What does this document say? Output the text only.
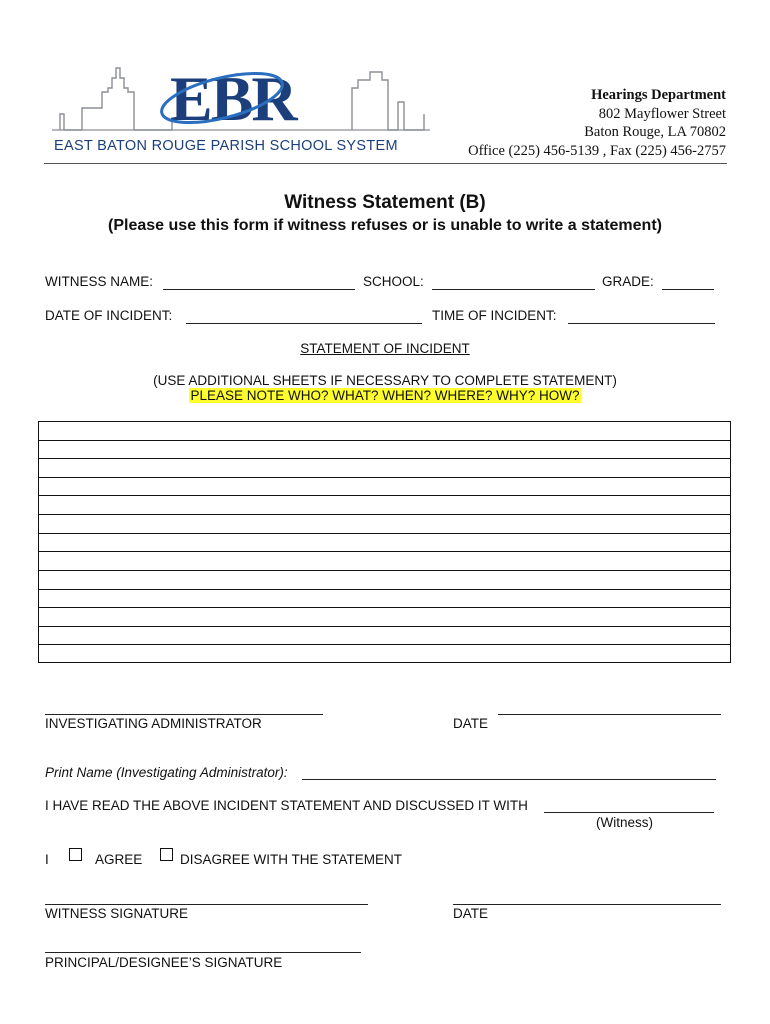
EBR
EAST BATON ROUGE PARISH SCHOOL SYSTEM
Hearings Department
802 Mayflower Street
Baton Rouge, LA 70802
Office (225) 456-5139 , Fax (225) 456-2757
Witness Statement (B)
(Please use this form if witness refuses or is unable to write a statement)
WITNESS NAME:	SCHOOL:	GRADE:
DATE OF INCIDENT:	TIME OF INCIDENT:
STATEMENT OF INCIDENT
(USE ADDITIONAL SHEETS IF NECESSARY TO COMPLETE STATEMENT)
PLEASE NOTE WHO? WHAT? WHEN? WHERE? WHY? HOW?
INVESTIGATING ADMINISTRATOR	DATE
Print Name (Investigating Administrator):
I HAVE READ THE ABOVE INCIDENT STATEMENT AND DISCUSSED IT WITH
(Witness)
I	AGREE	DISAGREE WITH THE STATEMENT
WITNESS SIGNATURE	DATE
PRINCIPAL/DESIGNEE’S SIGNATURE
